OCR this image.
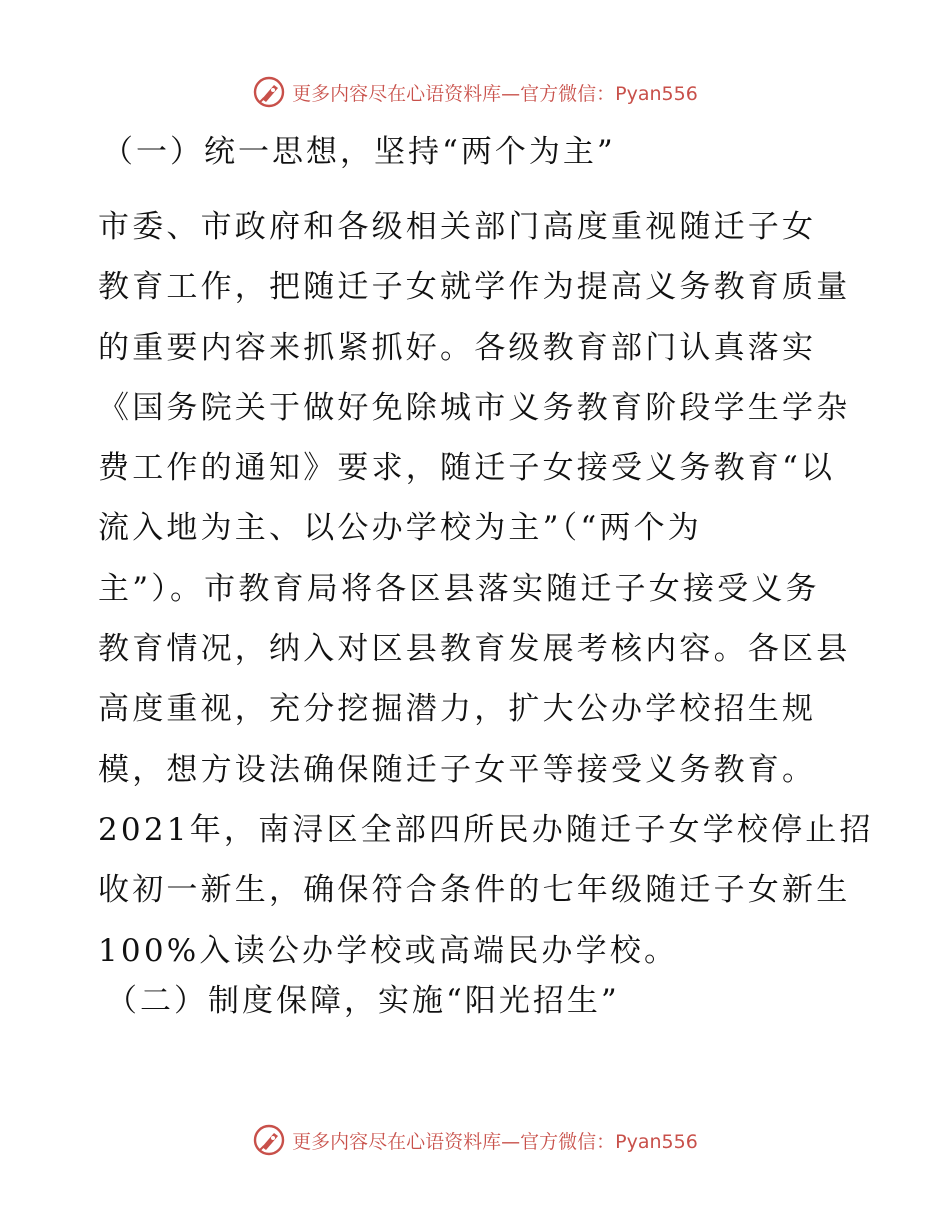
更多内容尽在心语资料库—官方微信：Pyan556
（一）统一思想，坚持“两个为主”
市委、市政府和各级相关部门高度重视随迁子女
教育工作，把随迁子女就学作为提高义务教育质量
的重要内容来抓紧抓好。各级教育部门认真落实
《国务院关于做好免除城市义务教育阶段学生学杂
费工作的通知》要求，随迁子女接受义务教育“以
流入地为主、以公办学校为主”（“两个为
主”）。市教育局将各区县落实随迁子女接受义务
教育情况，纳入对区县教育发展考核内容。各区县
高度重视，充分挖掘潜力，扩大公办学校招生规
模，想方设法确保随迁子女平等接受义务教育。
2021年，南浔区全部四所民办随迁子女学校停止招
收初一新生，确保符合条件的七年级随迁子女新生
100%入读公办学校或高端民办学校。
（二）制度保障，实施“阳光招生”
更多内容尽在心语资料库—官方微信：Pyan556
